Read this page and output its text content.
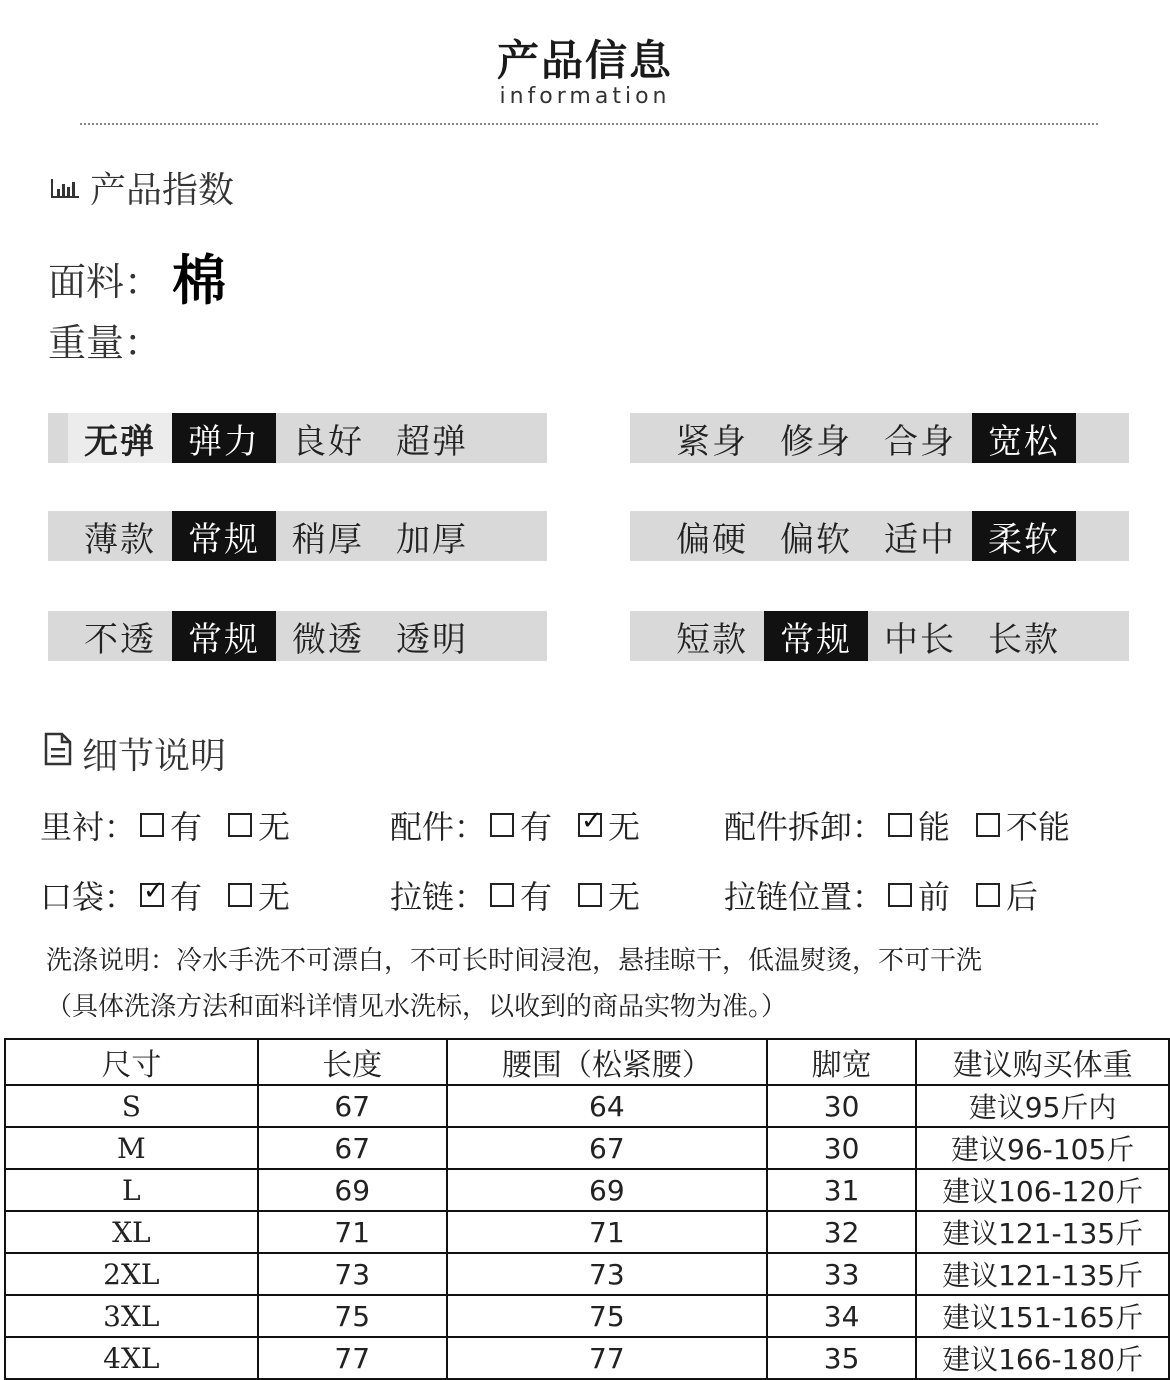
产品信息
information
产品指数
面料： 棉
重量：
无弹 弹力 良好 超弹	紧身 修身 合身 宽松
薄款 常规 稍厚 加厚	偏硬 偏软 适中 柔软
不透 常规 微透 透明	短款 常规 中长 长款
细节说明
里衬： 有 无	配件： 有 ✓ 无	配件拆卸： 能 不能
口袋： ✓ 有 无	拉链： 有 无	拉链位置： 前 后
洗涤说明：冷水手洗不可漂白，不可长时间浸泡，悬挂晾干，低温熨烫，不可干洗
（具体洗涤方法和面料详情见水洗标，以收到的商品实物为准。）
尺寸	长度	腰围（松紧腰）	脚宽	建议购买体重
S	67	64	30	建议95斤内
M	67	67	30	建议96-105斤
L	69	69	31	建议106-120斤
XL	71	71	32	建议121-135斤
2XL	73	73	33	建议121-135斤
3XL	75	75	34	建议151-165斤
4XL	77	77	35	建议166-180斤
